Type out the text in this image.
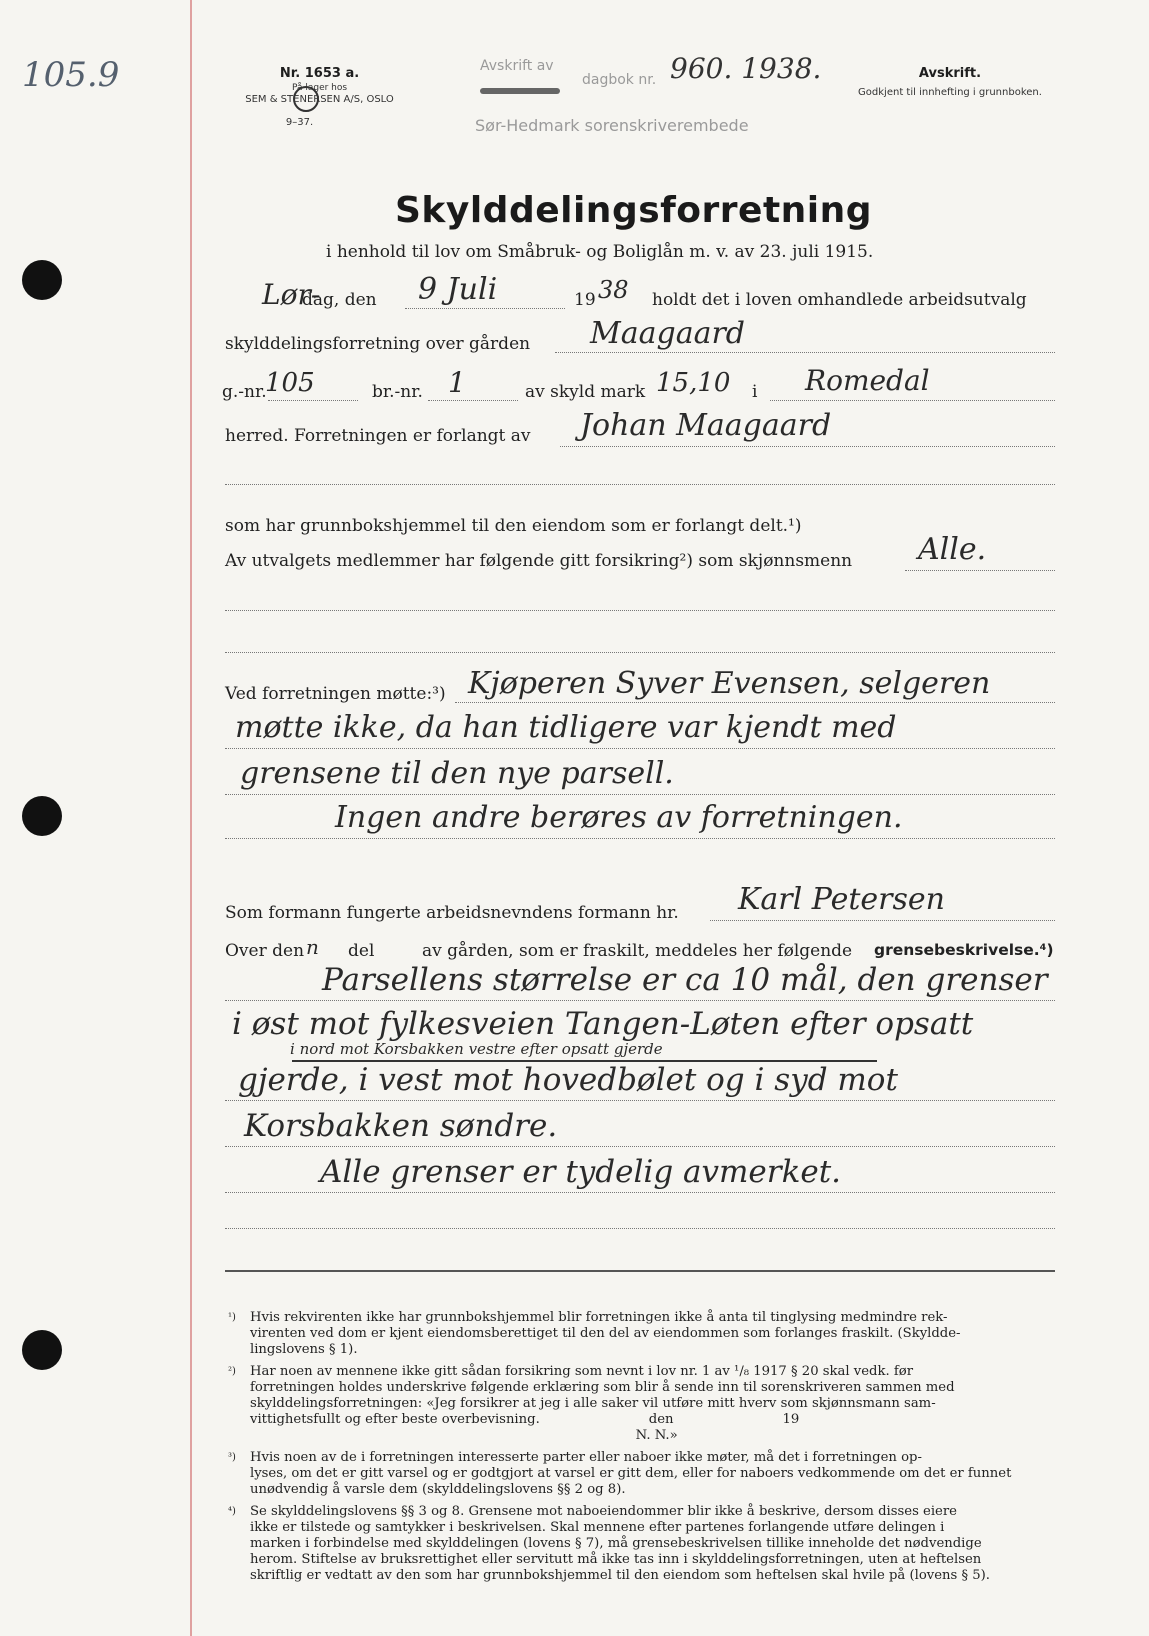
105.9	Nr. 1653 a.
På lager hos
SEM & STENERSEN A/S, OSLO
9–37.
Avskrift av
dagbok nr. 960. 1938.
Sør-Hedmark sorenskriverembede
Avskrift.
Godkjent til innhefting i grunnboken.
Skylddelingsforretning
i henhold til lov om Småbruk- og Boliglån m. v. av 23. juli 1915.
Lør-
dag, den 9 Juli	19 38 holdt det i loven omhandlede arbeidsutvalg
skylddelingsforretning over gården Maagaard
g.-nr.
105	br.-nr. 1	av skyld mark 15,10 i Romedal
herred. Forretningen er forlangt av Johan Maagaard
som har grunnbokshjemmel til den eiendom som er forlangt delt.¹)
Av utvalgets medlemmer har følgende gitt forsikring²) som skjønnsmenn Alle.
Ved forretningen møtte:³) Kjøperen Syver Evensen, selgeren
møtte ikke, da han tidligere var kjendt med
grensene til den nye parsell.
Ingen andre berøres av forretningen.
Som formann fungerte arbeidsnevndens formann hr. Karl Petersen
Over den n del	av gården, som er fraskilt, meddeles her følgende grensebeskrivelse.⁴)
Parsellens størrelse er ca 10 mål, den grenser
i øst mot fylkesveien Tangen-Løten efter opsatt
i nord mot Korsbakken vestre efter opsatt gjerde
gjerde, i vest mot hovedbølet og i syd mot
Korsbakken søndre.
Alle grenser er tydelig avmerket.
¹) Hvis rekvirenten ikke har grunnbokshjemmel blir forretningen ikke å anta til tinglysing medmindre rek-
virenten ved dom er kjent eiendomsberettiget til den del av eiendommen som forlanges fraskilt. (Skyldde-
lingslovens § 1).
²) Har noen av mennene ikke gitt sådan forsikring som nevnt i lov nr. 1 av ¹/₈ 1917 § 20 skal vedk. før
forretningen holdes underskrive følgende erklæring som blir å sende inn til sorenskriveren sammen med
skylddelingsforretningen: «Jeg forsikrer at jeg i alle saker vil utføre mitt hverv som skjønnsmann sam-
vittighetsfullt og efter beste overbevisning.                          den                          19
N. N.»
³) Hvis noen av de i forretningen interesserte parter eller naboer ikke møter, må det i forretningen op-
lyses, om det er gitt varsel og er godtgjort at varsel er gitt dem, eller for naboers vedkommende om det er funnet
unødvendig å varsle dem (skylddelingslovens §§ 2 og 8).
⁴) Se skylddelingslovens §§ 3 og 8. Grensene mot naboeiendommer blir ikke å beskrive, dersom disses eiere
ikke er tilstede og samtykker i beskrivelsen. Skal mennene efter partenes forlangende utføre delingen i
marken i forbindelse med skylddelingen (lovens § 7), må grensebeskrivelsen tillike inneholde det nødvendige
herom. Stiftelse av bruksrettighet eller servitutt må ikke tas inn i skylddelingsforretningen, uten at heftelsen
skriftlig er vedtatt av den som har grunnbokshjemmel til den eiendom som heftelsen skal hvile på (lovens § 5).
